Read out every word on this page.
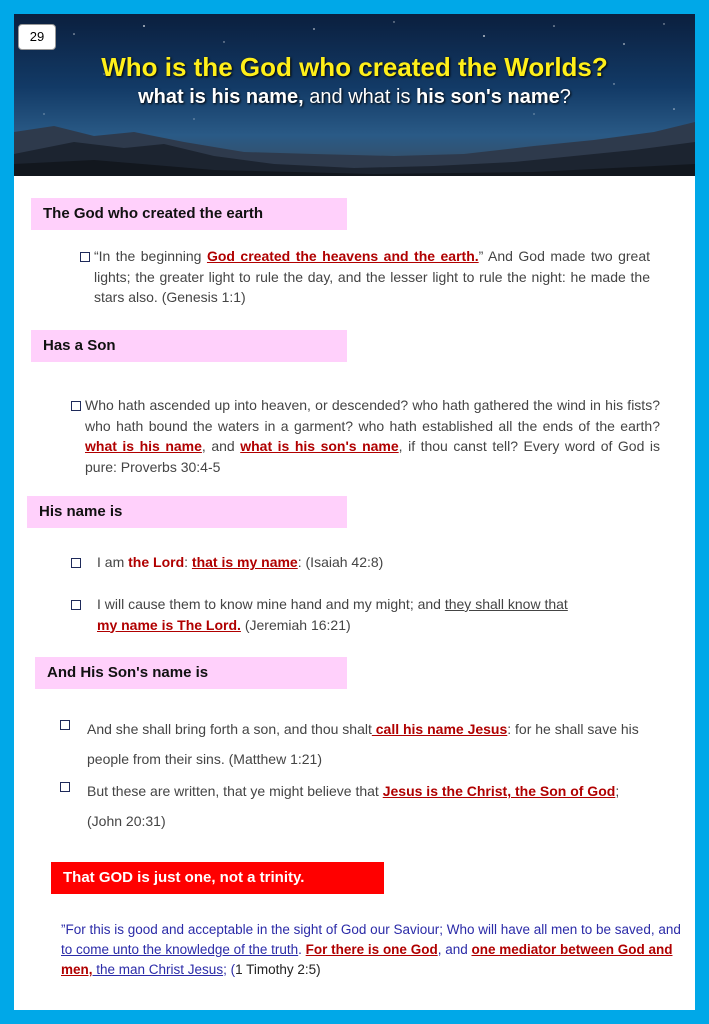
29
Who is the God who created the Worlds?
what is his name, and what is his son's name?
The God who created the earth
“In the beginning God created the heavens and the earth.” And God made two great lights; the greater light to rule the day, and the lesser light to rule the night: he made the stars also. (Genesis 1:1)
Has a Son
Who hath ascended up into heaven, or descended? who hath gathered the wind in his fists? who hath bound the waters in a garment? who hath established all the ends of the earth? what is his name, and what is his son's name, if thou canst tell? Every word of God is pure: Proverbs 30:4-5
His name is
I am the Lord: that is my name: (Isaiah 42:8)
I will cause them to know mine hand and my might; and they shall know that my name is The Lord. (Jeremiah 16:21)
And His Son's name is
And she shall bring forth a son, and thou shalt call his name Jesus: for he shall save his people from their sins. (Matthew 1:21)
But these are written, that ye might believe that Jesus is the Christ, the Son of God; (John 20:31)
That GOD is just one, not a trinity.
”For this is good and acceptable in the sight of God our Saviour; Who will have all men to be saved, and to come unto the knowledge of the truth. For there is one God, and one mediator between God and men, the man Christ Jesus; (1 Timothy 2:5)
